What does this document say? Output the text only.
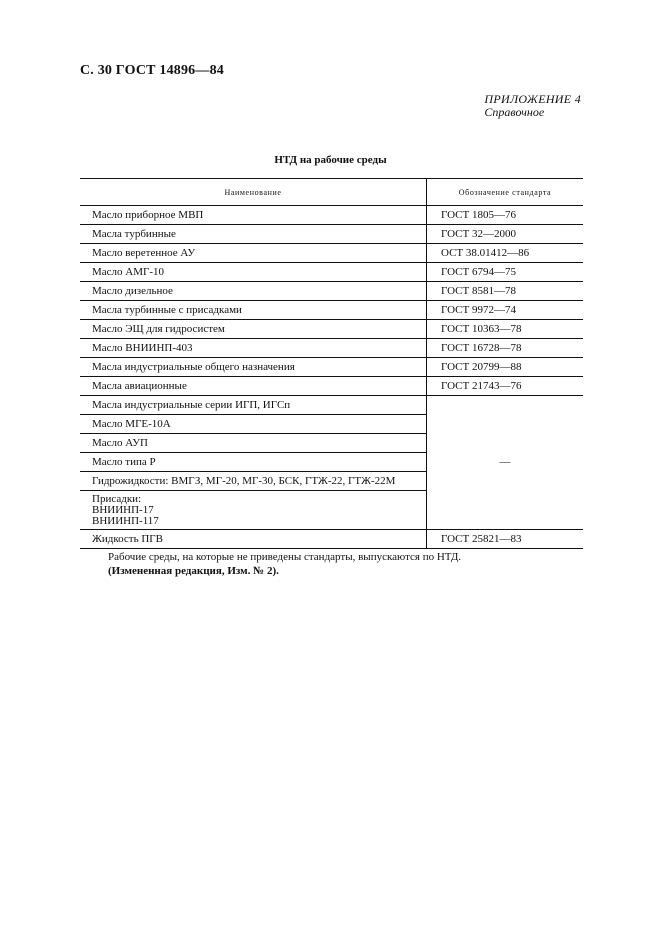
С. 30 ГОСТ 14896—84
ПРИЛОЖЕНИЕ 4
Справочное
НТД на рабочие среды
Наименование	Обозначение стандарта
Масло приборное МВП	ГОСТ 1805—76
Масла турбинные	ГОСТ 32—2000
Масло веретенное АУ	ОСТ 38.01412—86
Масло АМГ-10	ГОСТ 6794—75
Масло дизельное	ГОСТ 8581—78
Масла турбинные с присадками	ГОСТ 9972—74
Масло ЭЩ для гидросистем	ГОСТ 10363—78
Масло ВНИИНП-403	ГОСТ 16728—78
Масла индустриальные общего назначения	ГОСТ 20799—88
Масла авиационные	ГОСТ 21743—76
Масла индустриальные серии ИГП, ИГСп	—
Масло МГЕ-10А	
Масло АУП	
Масло типа Р	
Гидрожидкости: ВМГЗ, МГ-20, МГ-30, БСК, ГТЖ-22, ГТЖ-22М	

Присадки:
ВНИИНП-17
ВНИИНП-117	

Жидкость ПГВ	ГОСТ 25821—83
Рабочие среды, на которые не приведены стандарты, выпускаются по НТД.
(Измененная редакция, Изм. № 2).
